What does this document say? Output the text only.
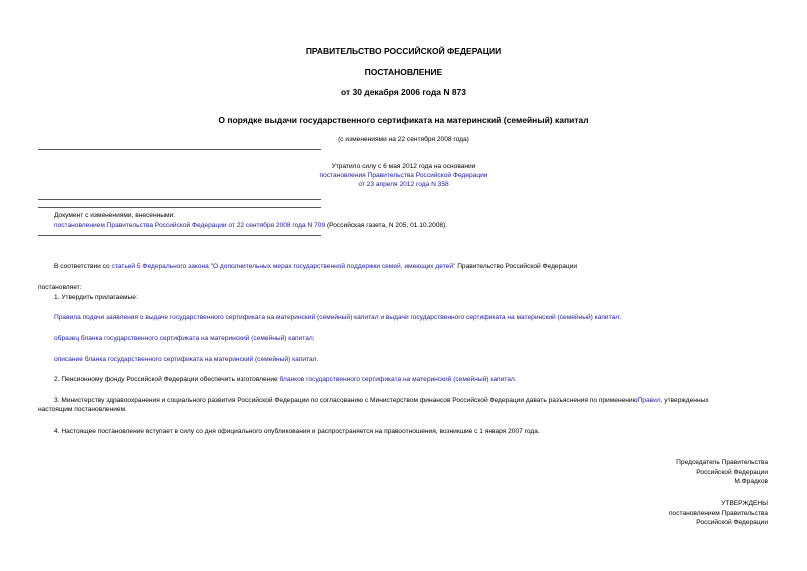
ПРАВИТЕЛЬСТВО РОССИЙСКОЙ ФЕДЕРАЦИИ
ПОСТАНОВЛЕНИЕ
от 30 декабря 2006 года N 873
О порядке выдачи государственного сертификата на материнский (семейный) капитал
(с изменениями на 22 сентября 2008 года)
Утратило силу с 6 мая 2012 года на основании
постановления Правительства Российской Федерации
от 23 апреля 2012 года N 358
Документ с изменениями, внесенными:
постановлением Правительства Российской Федерации от 22 сентября 2008 года N 709 (Российская газета, N 205, 01.10.2008).
В соответствии со статьей 5 Федерального закона "О дополнительных мерах государственной поддержки семей, имеющих детей" Правительство Российской Федерации
постановляет:
1. Утвердить прилагаемые:
Правила подачи заявления о выдаче государственного сертификата на материнский (семейный) капитал и выдачи государственного сертификата на материнский (семейный) капитал;
образец бланка государственного сертификата на материнский (семейный) капитал;
описание бланка государственного сертификата на материнский (семейный) капитал.
2. Пенсионному фонду Российской Федерации обеспечить изготовление бланков государственного сертификата на материнский (семейный) капитал.
3. Министерству здравоохранения и социального развития Российской Федерации по согласованию с Министерством финансов Российской Федерации давать разъяснения по применениюПравил, утвержденных
настоящим постановлением.
4. Настоящее постановление вступает в силу со дня официального опубликования и распространяется на правоотношения, возникшие с 1 января 2007 года.
Председатель Правительства
Российской Федерации
М.Фрадков
УТВЕРЖДЕНЫ
постановлением Правительства
Российской Федерации
